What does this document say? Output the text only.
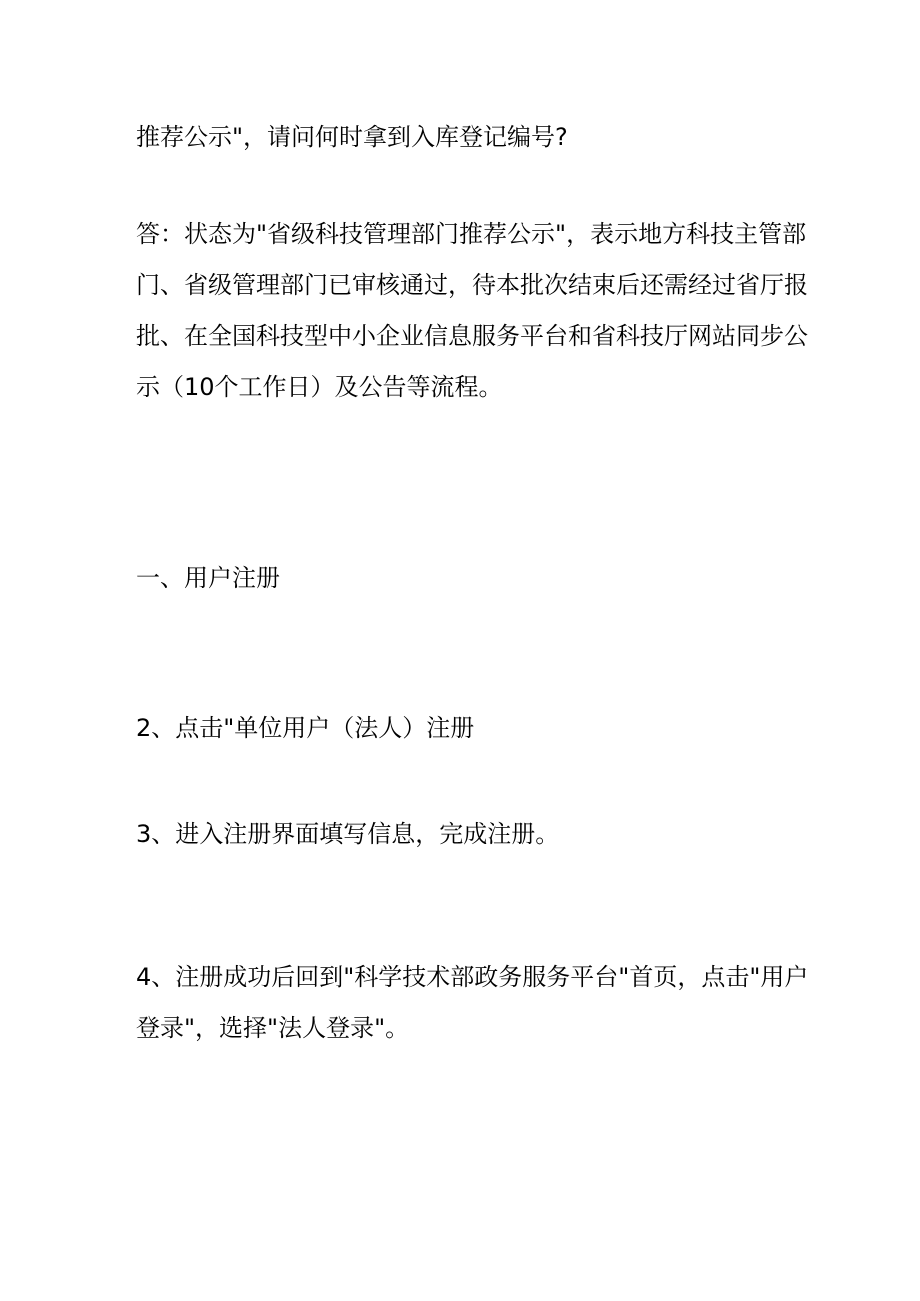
推荐公示"，请问何时拿到入库登记编号?
答：状态为"省级科技管理部门推荐公示"，表示地方科技主管部
门、省级管理部门已审核通过，待本批次结束后还需经过省厅报
批、在全国科技型中小企业信息服务平台和省科技厅网站同步公
示（10个工作日）及公告等流程。
一、用户注册
2、点击"单位用户（法人）注册
3、进入注册界面填写信息，完成注册。
4、注册成功后回到"科学技术部政务服务平台"首页，点击"用户
登录"，选择"法人登录"。
